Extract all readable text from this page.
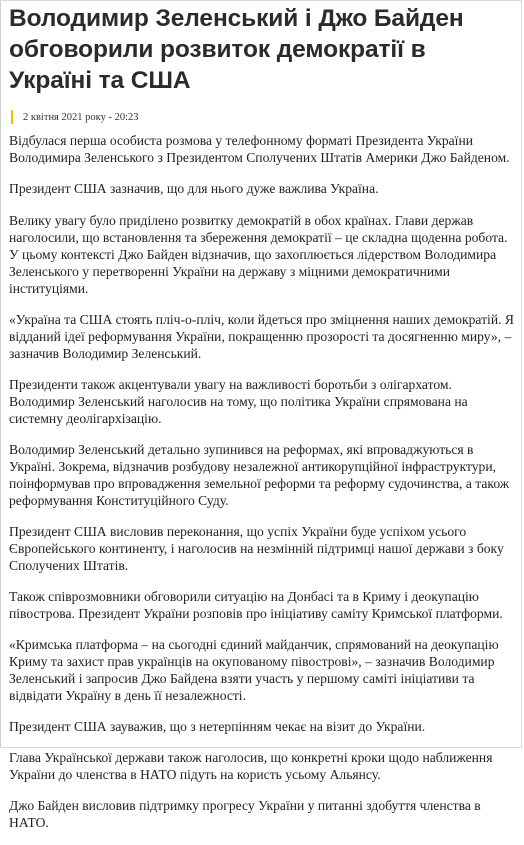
Володимир Зеленський і Джо Байден обговорили розвиток демократії в Україні та США
2 квітня 2021 року - 20:23

Відбулася перша особиста розмова у телефонному форматі Президента України Володимира Зеленського з Президентом Сполучених Штатів Америки Джо Байденом.

Президент США зазначив, що для нього дуже важлива Україна.

Велику увагу було приділено розвитку демократій в обох країнах. Глави держав наголосили, що встановлення та збереження демократії – це складна щоденна робота. У цьому контексті Джо Байден відзначив, що захоплюється лідерством Володимира Зеленського у перетворенні України на державу з міцними демократичними інституціями.

«Україна та США стоять пліч-о-пліч, коли йдеться про зміцнення наших демократій. Я відданий ідеї реформування України, покращенню прозорості та досягненню миру», – зазначив Володимир Зеленський.

Президенти також акцентували увагу на важливості боротьби з олігархатом. Володимир Зеленський наголосив на тому, що політика України спрямована на системну деолігархізацію.

Володимир Зеленський детально зупинився на реформах, які впроваджуються в Україні. Зокрема, відзначив розбудову незалежної антикорупційної інфраструктури, поінформував про впровадження земельної реформи та реформу судочинства, а також реформування Конституційного Суду.

Президент США висловив переконання, що успіх України буде успіхом усього Європейського континенту, і наголосив на незмінній підтримці нашої держави з боку Сполучених Штатів.

Також співрозмовники обговорили ситуацію на Донбасі та в Криму і деокупацію півострова. Президент України розповів про ініціативу саміту Кримської платформи.

«Кримська платформа – на сьогодні єдиний майданчик, спрямований на деокупацію Криму та захист прав українців на окупованому півострові», – зазначив Володимир Зеленський і запросив Джо Байдена взяти участь у першому саміті ініціативи та відвідати Україну в день її незалежності.

Президент США зауважив, що з нетерпінням чекає на візит до України.

Глава Української держави також наголосив, що конкретні кроки щодо наближення України до членства в НАТО підуть на користь усьому Альянсу.

Джо Байден висловив підтримку прогресу України у питанні здобуття членства в НАТО.
